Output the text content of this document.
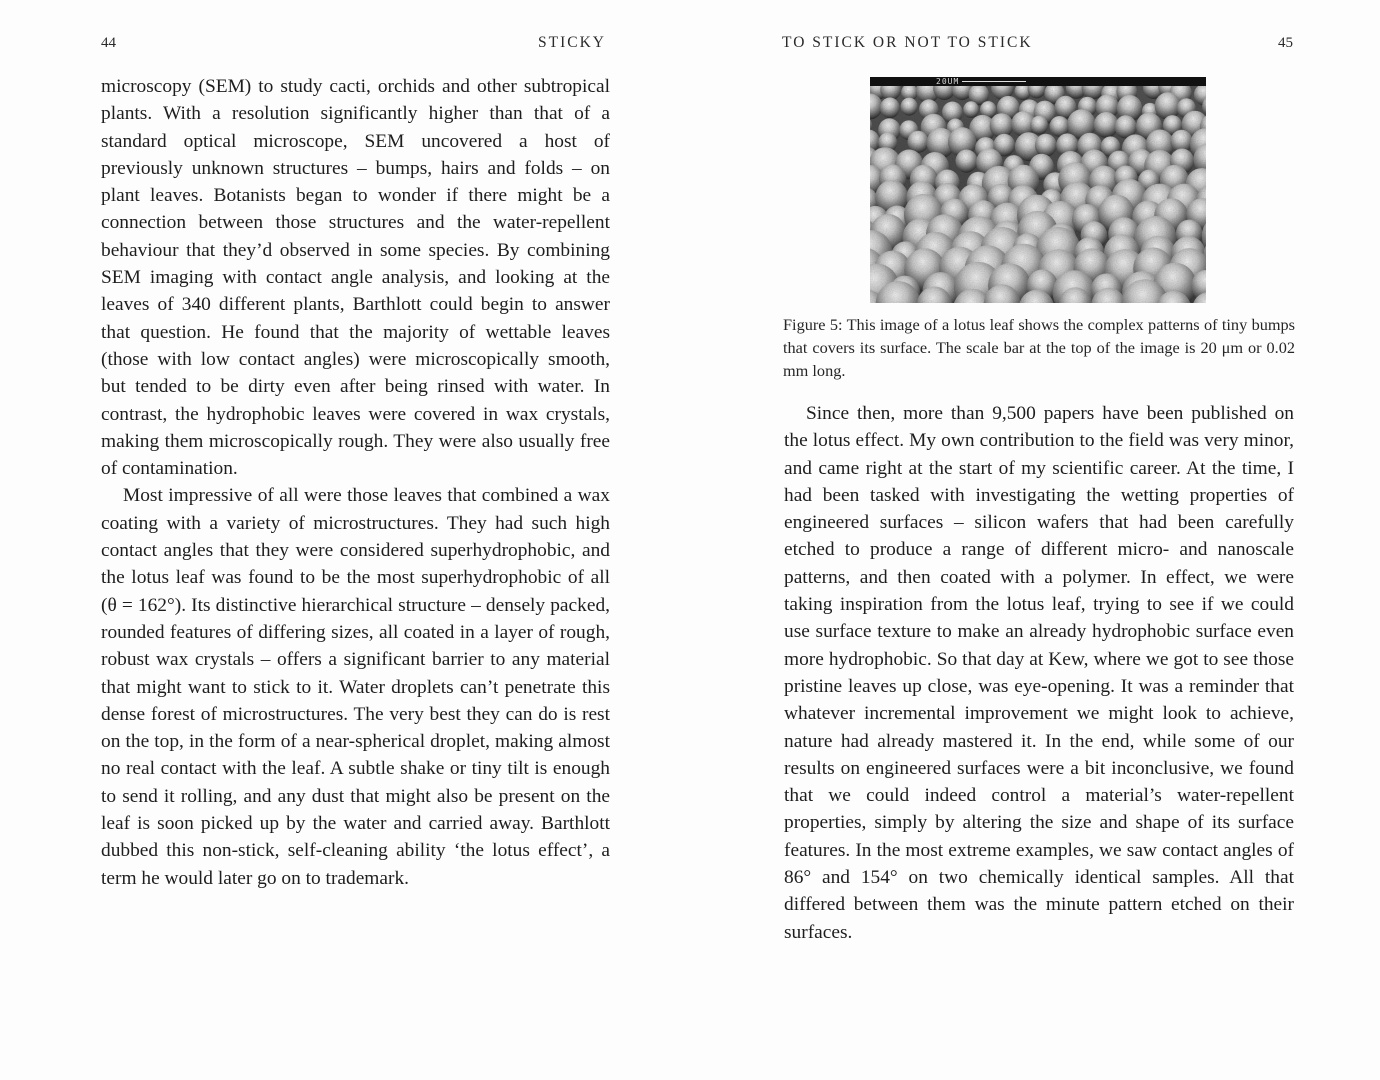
44	STICKY

microscopy (SEM) to study cacti, orchids and other subtropical plants. With a resolution significantly higher than that of a standard optical microscope, SEM uncovered a host of previously unknown structures – bumps, hairs and folds – on plant leaves. Botanists began to wonder if there might be a connection between those structures and the water-repellent behaviour that they’d observed in some species. By combining SEM imaging with contact angle analysis, and looking at the leaves of 340 different plants, Barthlott could begin to answer that question. He found that the majority of wettable leaves (those with low contact angles) were microscopically smooth, but tended to be dirty even after being rinsed with water. In contrast, the hydrophobic leaves were covered in wax crystals, making them microscopically rough. They were also usually free of contamination.

Most impressive of all were those leaves that combined a wax coating with a variety of microstructures. They had such high contact angles that they were considered superhydrophobic, and the lotus leaf was found to be the most superhydrophobic of all (θ = 162°). Its distinctive hierarchical structure – densely packed, rounded features of differing sizes, all coated in a layer of rough, robust wax crystals – offers a significant barrier to any material that might want to stick to it. Water droplets can’t penetrate this dense forest of microstructures. The very best they can do is rest on the top, in the form of a near-spherical droplet, making almost no real contact with the leaf. A subtle shake or tiny tilt is enough to send it rolling, and any dust that might also be present on the leaf is soon picked up by the water and carried away. Barthlott dubbed this non-stick, self-cleaning ability ‘the lotus effect’, a term he would later go on to trademark.

TO STICK OR NOT TO STICK	45
20UM
Figure 5: This image of a lotus leaf shows the complex patterns of tiny bumps that covers its surface. The scale bar at the top of the image is 20 μm or 0.02 mm long.

Since then, more than 9,500 papers have been published on the lotus effect. My own contribution to the field was very minor, and came right at the start of my scientific career. At the time, I had been tasked with investigating the wetting properties of engineered surfaces – silicon wafers that had been carefully etched to produce a range of different micro- and nanoscale patterns, and then coated with a polymer. In effect, we were taking inspiration from the lotus leaf, trying to see if we could use surface texture to make an already hydrophobic surface even more hydrophobic. So that day at Kew, where we got to see those pristine leaves up close, was eye-opening. It was a reminder that whatever incremental improvement we might look to achieve, nature had already mastered it. In the end, while some of our results on engineered surfaces were a bit inconclusive, we found that we could indeed control a material’s water-repellent properties, simply by altering the size and shape of its surface features. In the most extreme examples, we saw contact angles of 86° and 154° on two chemically identical samples. All that differed between them was the minute pattern etched on their surfaces.
